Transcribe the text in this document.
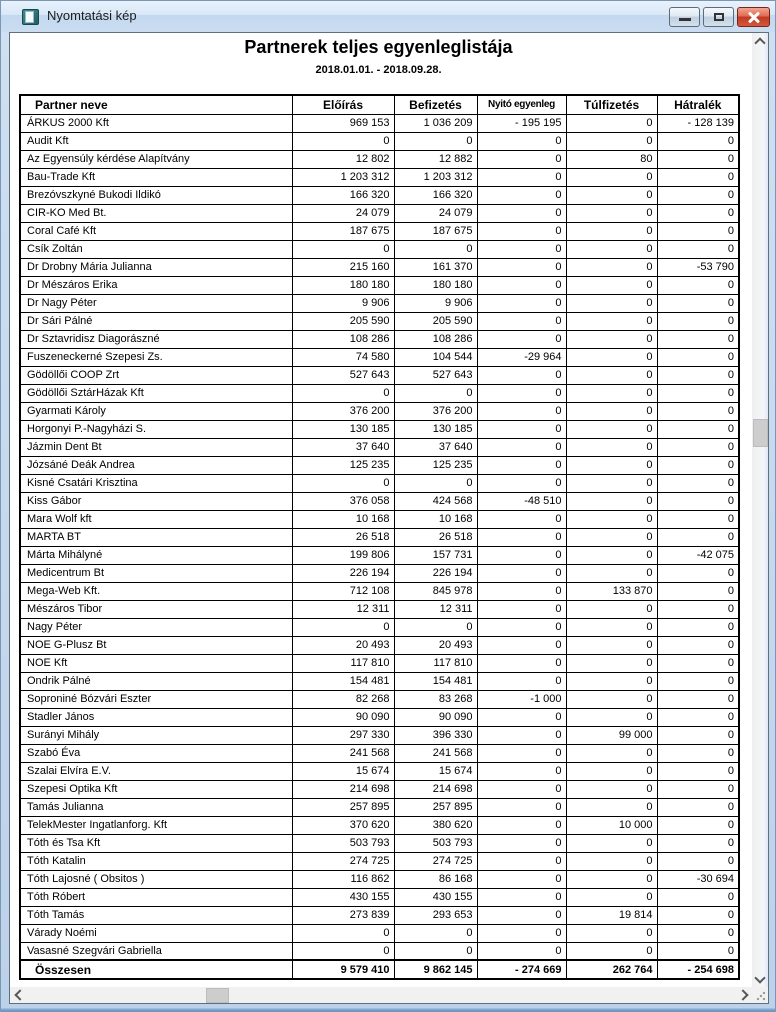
Nyomtatási kép
Partnerek teljes egyenleglistája
2018.01.01. - 2018.09.28.
Partner neve	Előírás	Befizetés	Nyitó egyenleg	Túlfizetés	Hátralék
ÁRKUS 2000 Kft	969 153	1 036 209	- 195 195	0	- 128 139
Audit Kft	0	0	0	0	0
Az Egyensúly kérdése Alapítvány	12 802	12 882	0	80	0
Bau-Trade Kft	1 203 312	1 203 312	0	0	0
Brezóvszkyné Bukodi Ildikó	166 320	166 320	0	0	0
CIR-KO Med Bt.	24 079	24 079	0	0	0
Coral Café Kft	187 675	187 675	0	0	0
Csík Zoltán	0	0	0	0	0
Dr Drobny Mária Julianna	215 160	161 370	0	0	-53 790
Dr Mészáros Erika	180 180	180 180	0	0	0
Dr Nagy Péter	9 906	9 906	0	0	0
Dr Sári Pálné	205 590	205 590	0	0	0
Dr Sztavridisz Diagorászné	108 286	108 286	0	0	0
Fuszeneckerné Szepesi Zs.	74 580	104 544	-29 964	0	0
Gödöllői COOP Zrt	527 643	527 643	0	0	0
Gödöllői SztárHázak Kft	0	0	0	0	0
Gyarmati Károly	376 200	376 200	0	0	0
Horgonyi P.-Nagyházi S.	130 185	130 185	0	0	0
Jázmin Dent Bt	37 640	37 640	0	0	0
Józsáné Deák Andrea	125 235	125 235	0	0	0
Kisné Csatári Krisztina	0	0	0	0	0
Kiss Gábor	376 058	424 568	-48 510	0	0
Mara Wolf kft	10 168	10 168	0	0	0
MARTA BT	26 518	26 518	0	0	0
Márta Mihályné	199 806	157 731	0	0	-42 075
Medicentrum Bt	226 194	226 194	0	0	0
Mega-Web Kft.	712 108	845 978	0	133 870	0
Mészáros Tibor	12 311	12 311	0	0	0
Nagy Péter	0	0	0	0	0
NOE G-Plusz Bt	20 493	20 493	0	0	0
NOE Kft	117 810	117 810	0	0	0
Ondrik Pálné	154 481	154 481	0	0	0
Soproniné Bózvári Eszter	82 268	83 268	-1 000	0	0
Stadler János	90 090	90 090	0	0	0
Surányi Mihály	297 330	396 330	0	99 000	0
Szabó Éva	241 568	241 568	0	0	0
Szalai Elvíra E.V.	15 674	15 674	0	0	0
Szepesi Optika Kft	214 698	214 698	0	0	0
Tamás Julianna	257 895	257 895	0	0	0
TelekMester Ingatlanforg. Kft	370 620	380 620	0	10 000	0
Tóth és Tsa Kft	503 793	503 793	0	0	0
Tóth Katalin	274 725	274 725	0	0	0
Tóth Lajosné ( Obsitos )	116 862	86 168	0	0	-30 694
Tóth Róbert	430 155	430 155	0	0	0
Tóth Tamás	273 839	293 653	0	19 814	0
Várady Noémi	0	0	0	0	0
Vasasné Szegvári Gabriella	0	0	0	0	0
Összesen	9 579 410	9 862 145	- 274 669	262 764	- 254 698
